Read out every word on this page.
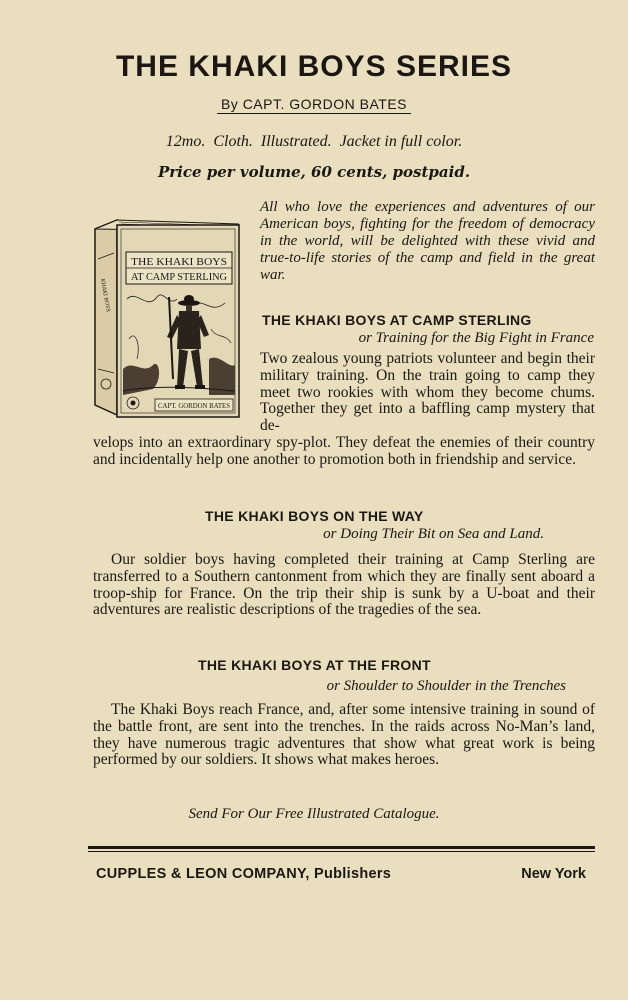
THE KHAKI BOYS SERIES
By CAPT. GORDON BATES
12mo.  Cloth.  Illustrated.  Jacket in full color.
Price per volume, 60 cents, postpaid.
All who love the experiences and adventures of our American boys, fighting for the freedom of democracy in the world, will be delighted with these vivid and true-to-life stories of the camp and field in the great war.
KHAKI BOYS
THE KHAKI BOYS
AT CAMP STERLING
CAPT. GORDON BATES
THE KHAKI BOYS AT CAMP STERLING
or Training for the Big Fight in France

Two zealous young patriots volunteer and begin their military training. On the train going to camp they meet two rookies with whom they become chums. Together they get into a baffling camp mystery that de-

velops into an extraordinary spy-plot. They defeat the enemies of their country and incidentally help one another to promotion both in friendship and service.

THE KHAKI BOYS ON THE WAY
or Doing Their Bit on Sea and Land.

Our soldier boys having completed their training at Camp Sterling are transferred to a Southern cantonment from which they are finally sent aboard a troop-ship for France. On the trip their ship is sunk by a U-boat and their adventures are realistic descriptions of the tragedies of the sea.

THE KHAKI BOYS AT THE FRONT
or Shoulder to Shoulder in the Trenches

The Khaki Boys reach France, and, after some intensive training in sound of the battle front, are sent into the trenches. In the raids across No-Man’s land, they have numerous tragic adventures that show what great work is being performed by our soldiers. It shows what makes heroes.

Send For Our Free Illustrated Catalogue.
CUPPLES & LEON COMPANY, Publishers	New York
